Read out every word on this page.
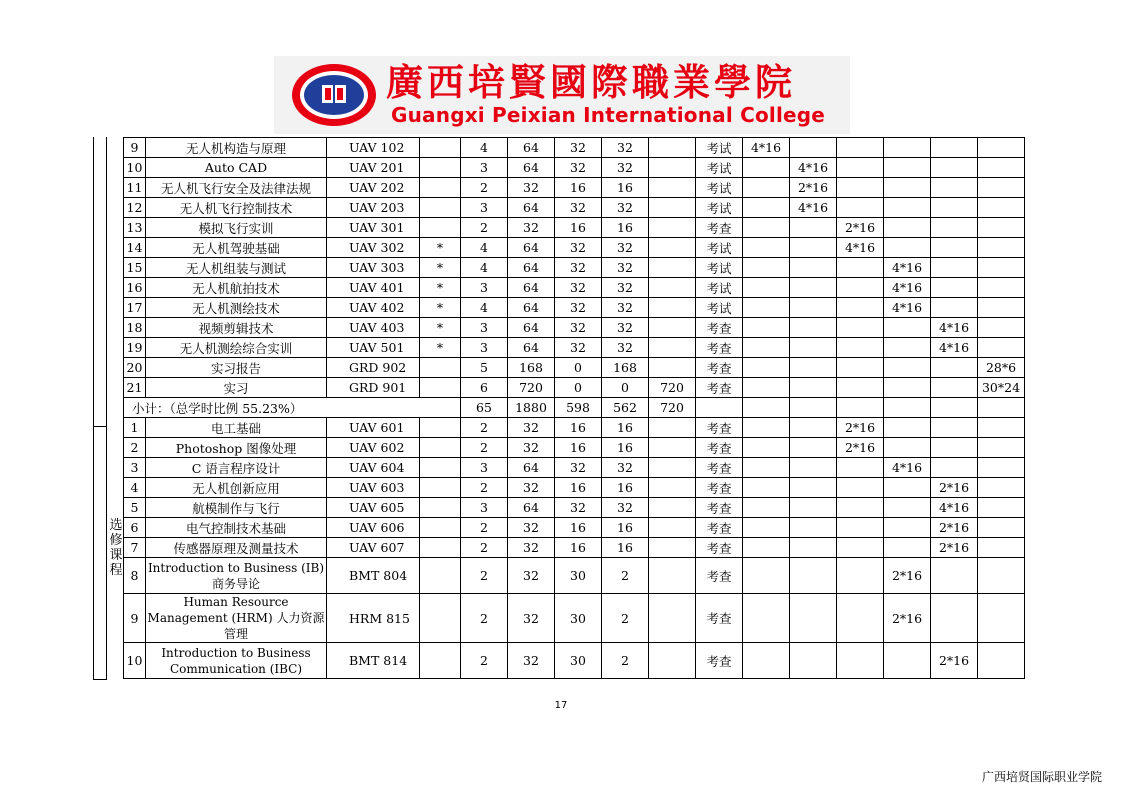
廣西培賢國際職業學院
Guangxi Peixian International College
选修课程
9	无人机构造与原理	UAV 102		4	64	32	32		考试	4*16					
10	Auto CAD	UAV 201		3	64	32	32		考试		4*16				
11	无人机飞行安全及法律法规	UAV 202		2	32	16	16		考试		2*16				
12	无人机飞行控制技术	UAV 203		3	64	32	32		考试		4*16				
13	模拟飞行实训	UAV 301		2	32	16	16		考查			2*16			
14	无人机驾驶基础	UAV 302	*	4	64	32	32		考试			4*16			
15	无人机组装与测试	UAV 303	*	4	64	32	32		考试				4*16		
16	无人机航拍技术	UAV 401	*	3	64	32	32		考试				4*16		
17	无人机测绘技术	UAV 402	*	4	64	32	32		考试				4*16		
18	视频剪辑技术	UAV 403	*	3	64	32	32		考查					4*16	
19	无人机测绘综合实训	UAV 501	*	3	64	32	32		考查					4*16	
20	实习报告	GRD 902		5	168	0	168		考查						28*6
21	实习	GRD 901		6	720	0	0	720	考查						30*24
小计：（总学时比例 55.23%）				65	1880	598	562	720							
1	电工基础	UAV 601		2	32	16	16		考查			2*16			
2	Photoshop 图像处理	UAV 602		2	32	16	16		考查			2*16			
3	C 语言程序设计	UAV 604		3	64	32	32		考查				4*16		
4	无人机创新应用	UAV 603		2	32	16	16		考查					2*16	
5	航模制作与飞行	UAV 605		3	64	32	32		考查					4*16	
6	电气控制技术基础	UAV 606		2	32	16	16		考查					2*16	
7	传感器原理及测量技术	UAV 607		2	32	16	16		考查					2*16	
8	Introduction to Business (IB)商务导论	BMT 804		2	32	30	2		考查				2*16		
9	Human Resource Management (HRM) 人力资源管理	HRM 815		2	32	30	2		考查				2*16		
10	Introduction to Business Communication (IBC)	BMT 814		2	32	30	2		考查					2*16	
17
广西培贤国际职业学院
